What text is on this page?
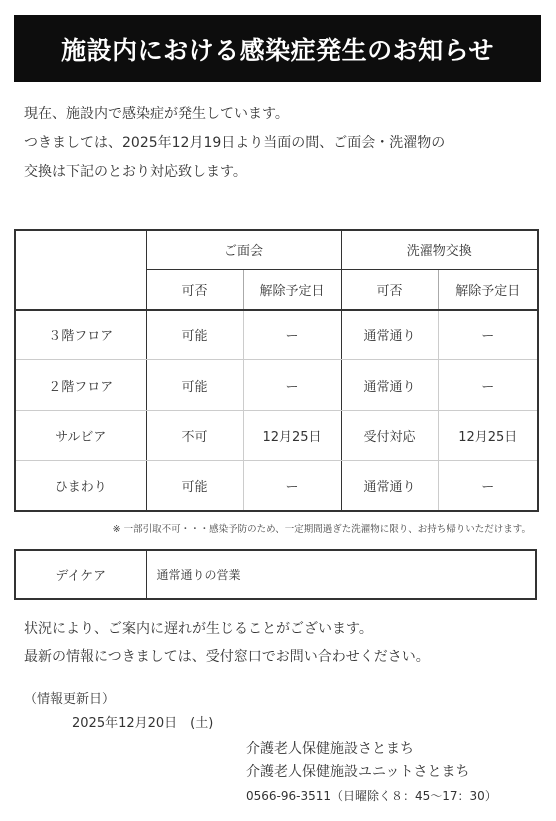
施設内における感染症発生のお知らせ
現在、施設内で感染症が発生しています。
つきましては、2025年12月19日より当面の間、ご面会・洗濯物の
交換は下記のとおり対応致します。
	ご面会		洗濯物交換	
	可否	解除予定日	可否	解除予定日
３階フロア	可能	ー	通常通り	ー
２階フロア	可能	ー	通常通り	ー
サルビア	不可	12月25日	受付対応	12月25日
ひまわり	可能	ー	通常通り	ー
※ 一部引取不可・・・感染予防のため、一定期間過ぎた洗濯物に限り、お持ち帰りいただけます。
デイケア	通常通りの営業
状況により、ご案内に遅れが生じることがございます。
最新の情報につきましては、受付窓口でお問い合わせください。
（情報更新日）
2025年12月20日　(土)
介護老人保健施設さとまち
介護老人保健施設ユニットさとまち
0566-96-3511（日曜除く８：45〜17：30）
